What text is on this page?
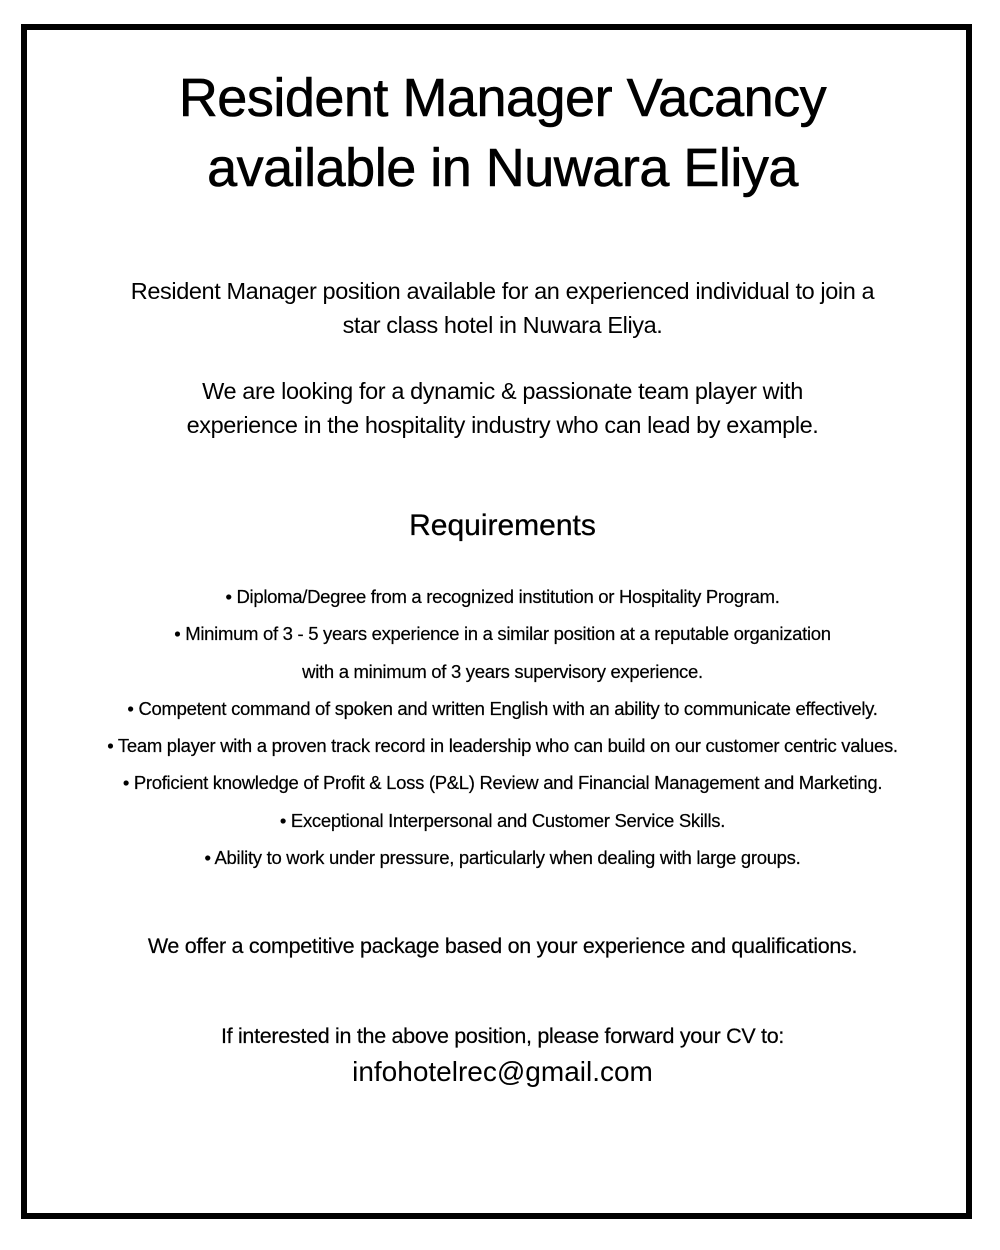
Resident Manager Vacancy
available in Nuwara Eliya

Resident Manager position available for an experienced individual to join a

star class hotel in Nuwara Eliya.

We are looking for a dynamic & passionate team player with

experience in the hospitality industry who can lead by example.

Requirements
• Diploma/Degree from a recognized institution or Hospitality Program.
• Minimum of 3 - 5 years experience in a similar position at a reputable organization
with a minimum of 3 years supervisory experience.
• Competent command of spoken and written English with an ability to communicate effectively.
• Team player with a proven track record in leadership who can build on our customer centric values.
• Proficient knowledge of Profit & Loss (P&L) Review and Financial Management and Marketing.
• Exceptional Interpersonal and Customer Service Skills.
• Ability to work under pressure, particularly when dealing with large groups.

We offer a competitive package based on your experience and qualifications.

If interested in the above position, please forward your CV to:

infohotelrec@gmail.com
